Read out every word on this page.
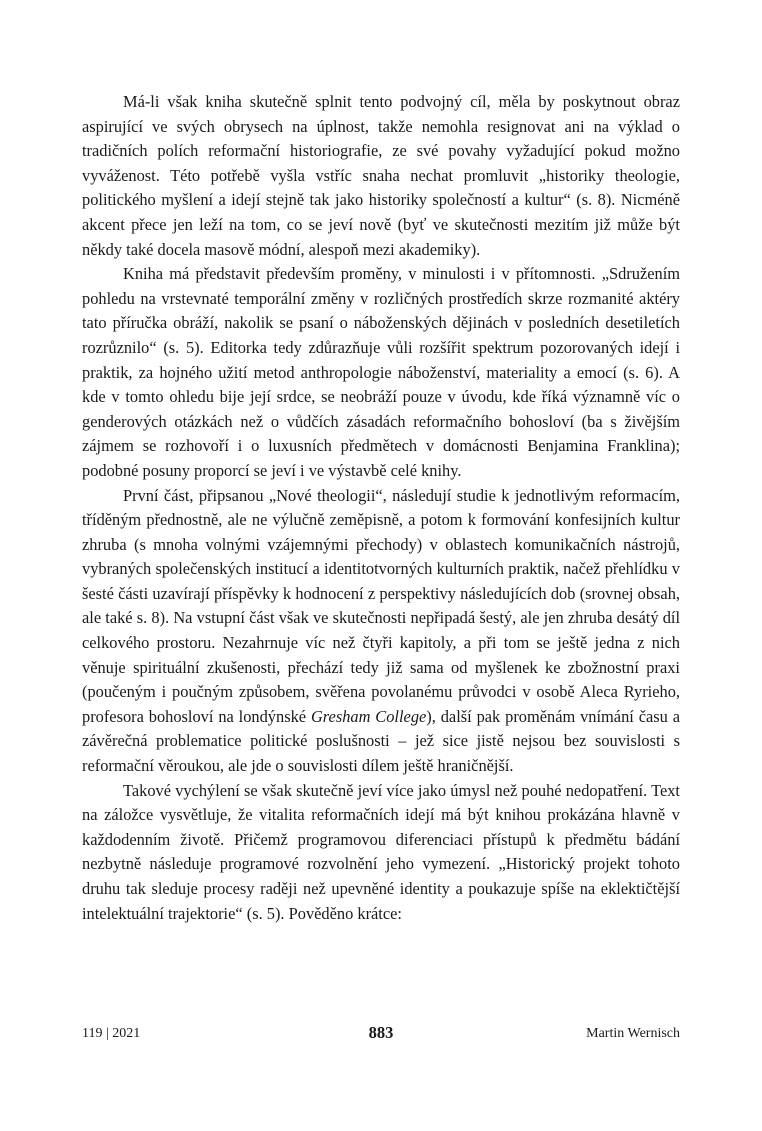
Má-li však kniha skutečně splnit tento podvojný cíl, měla by poskytnout obraz aspirující ve svých obrysech na úplnost, takže nemohla resignovat ani na výklad o tradičních polích reformační historiografie, ze své povahy vyžadující pokud možno vyváženost. Této potřebě vyšla vstříc snaha nechat promluvit „historiky theologie, politického myšlení a idejí stejně tak jako historiky společností a kultur“ (s. 8). Nicméně akcent přece jen leží na tom, co se jeví nově (byť ve skutečnosti mezitím již může být někdy také docela masově módní, alespoň mezi akademiky).

Kniha má představit především proměny, v minulosti i v přítomnosti. „Sdružením pohledu na vrstevnaté temporální změny v rozličných prostředích skrze rozmanité aktéry tato příručka obráží, nakolik se psaní o náboženských dějinách v posledních desetiletích rozrůznilo“ (s. 5). Editorka tedy zdůrazňuje vůli rozšířit spektrum pozorovaných idejí i praktik, za hojného užití metod anthropologie náboženství, materiality a emocí (s. 6). A kde v tomto ohledu bije její srdce, se neobráží pouze v úvodu, kde říká významně víc o genderových otázkách než o vůdčích zásadách reformačního bohosloví (ba s živějším zájmem se rozhovoří i o luxusních předmětech v domácnosti Benjamina Franklina); podobné posuny proporcí se jeví i ve výstavbě celé knihy.

První část, připsanou „Nové theologii“, následují studie k jednotlivým reformacím, tříděným přednostně, ale ne výlučně zeměpisně, a potom k formování konfesijních kultur zhruba (s mnoha volnými vzájemnými přechody) v oblastech komunikačních nástrojů, vybraných společenských institucí a identitotvorných kulturních praktik, načež přehlídku v šesté části uzavírají příspěvky k hodnocení z perspektivy následujících dob (srovnej obsah, ale také s. 8). Na vstupní část však ve skutečnosti nepřipadá šestý, ale jen zhruba desátý díl celkového prostoru. Nezahrnuje víc než čtyři kapitoly, a při tom se ještě jedna z nich věnuje spirituální zkušenosti, přechází tedy již sama od myšlenek ke zbožnostní praxi (poučeným i poučným způsobem, svěřena povolanému průvodci v osobě Aleca Ryrieho, profesora bohosloví na londýnské Gresham College), další pak proměnám vnímání času a závěrečná problematice politické poslušnosti – jež sice jistě nejsou bez souvislosti s reformační věroukou, ale jde o souvislosti dílem ještě hraničnější.

Takové vychýlení se však skutečně jeví více jako úmysl než pouhé nedopatření. Text na záložce vysvětluje, že vitalita reformačních idejí má být knihou prokázána hlavně v každodenním životě. Přičemž programovou diferenciaci přístupů k předmětu bádání nezbytně následuje programové rozvolnění jeho vymezení. „Historický projekt tohoto druhu tak sleduje procesy raději než upevněné identity a poukazuje spíše na eklektičtější intelektuální trajektorie“ (s. 5). Pověděno krátce:

119 | 2021	883	Martin Wernisch
